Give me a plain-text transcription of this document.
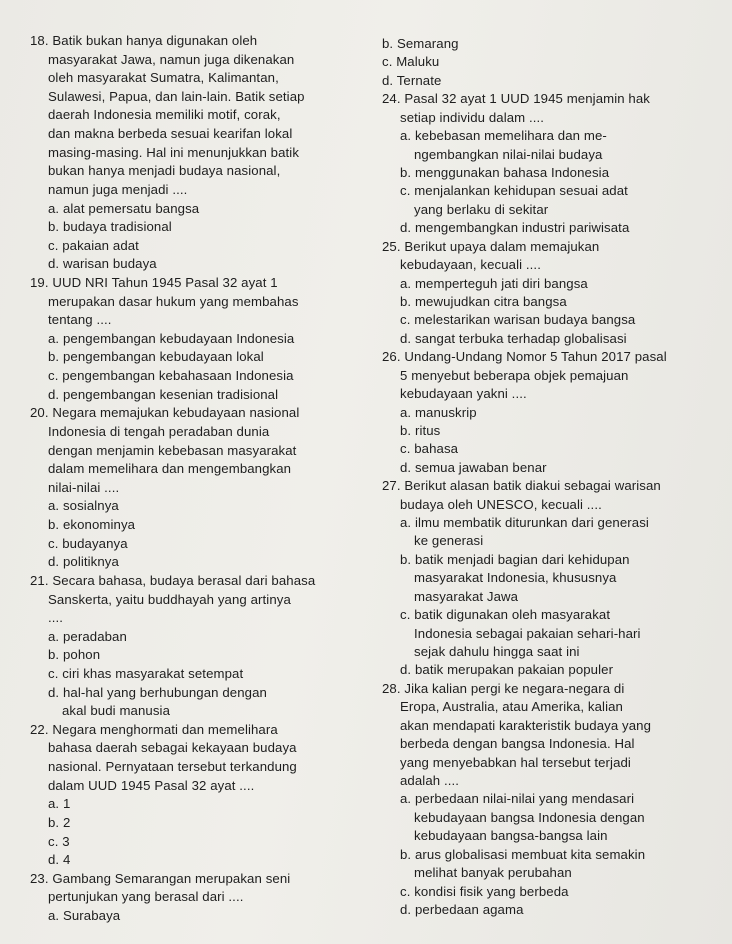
18. Batik bukan hanya digunakan oleh
masyarakat Jawa, namun juga dikenakan
oleh masyarakat Sumatra, Kalimantan,
Sulawesi, Papua, dan lain-lain. Batik setiap
daerah Indonesia memiliki motif, corak,
dan makna berbeda sesuai kearifan lokal
masing-masing. Hal ini menunjukkan batik
bukan hanya menjadi budaya nasional,
namun juga menjadi ....
a. alat pemersatu bangsa
b. budaya tradisional
c. pakaian adat
d. warisan budaya
19. UUD NRI Tahun 1945 Pasal 32 ayat 1
merupakan dasar hukum yang membahas
tentang ....
a. pengembangan kebudayaan Indonesia
b. pengembangan kebudayaan lokal
c. pengembangan kebahasaan Indonesia
d. pengembangan kesenian tradisional
20. Negara memajukan kebudayaan nasional
Indonesia di tengah peradaban dunia
dengan menjamin kebebasan masyarakat
dalam memelihara dan mengembangkan
nilai-nilai ....
a. sosialnya
b. ekonominya
c. budayanya
d. politiknya
21. Secara bahasa, budaya berasal dari bahasa
Sanskerta, yaitu buddhayah yang artinya
....
a. peradaban
b. pohon
c. ciri khas masyarakat setempat
d. hal-hal yang berhubungan dengan
akal budi manusia
22. Negara menghormati dan memelihara
bahasa daerah sebagai kekayaan budaya
nasional. Pernyataan tersebut terkandung
dalam UUD 1945 Pasal 32 ayat ....
a. 1
b. 2
c. 3
d. 4
23. Gambang Semarangan merupakan seni
pertunjukan yang berasal dari ....
a. Surabaya
b. Semarang
c. Maluku
d. Ternate
24. Pasal 32 ayat 1 UUD 1945 menjamin hak
setiap individu dalam ....
a. kebebasan memelihara dan me-
ngembangkan nilai-nilai budaya
b. menggunakan bahasa Indonesia
c. menjalankan kehidupan sesuai adat
yang berlaku di sekitar
d. mengembangkan industri pariwisata
25. Berikut upaya dalam memajukan
kebudayaan, kecuali ....
a. memperteguh jati diri bangsa
b. mewujudkan citra bangsa
c. melestarikan warisan budaya bangsa
d. sangat terbuka terhadap globalisasi
26. Undang-Undang Nomor 5 Tahun 2017 pasal
5 menyebut beberapa objek pemajuan
kebudayaan yakni ....
a. manuskrip
b. ritus
c. bahasa
d. semua jawaban benar
27. Berikut alasan batik diakui sebagai warisan
budaya oleh UNESCO, kecuali ....
a. ilmu membatik diturunkan dari generasi
ke generasi
b. batik menjadi bagian dari kehidupan
masyarakat Indonesia, khususnya
masyarakat Jawa
c. batik digunakan oleh masyarakat
Indonesia sebagai pakaian sehari-hari
sejak dahulu hingga saat ini
d. batik merupakan pakaian populer
28. Jika kalian pergi ke negara-negara di
Eropa, Australia, atau Amerika, kalian
akan mendapati karakteristik budaya yang
berbeda dengan bangsa Indonesia. Hal
yang menyebabkan hal tersebut terjadi
adalah ....
a. perbedaan nilai-nilai yang mendasari
kebudayaan bangsa Indonesia dengan
kebudayaan bangsa-bangsa lain
b. arus globalisasi membuat kita semakin
melihat banyak perubahan
c. kondisi fisik yang berbeda
d. perbedaan agama
